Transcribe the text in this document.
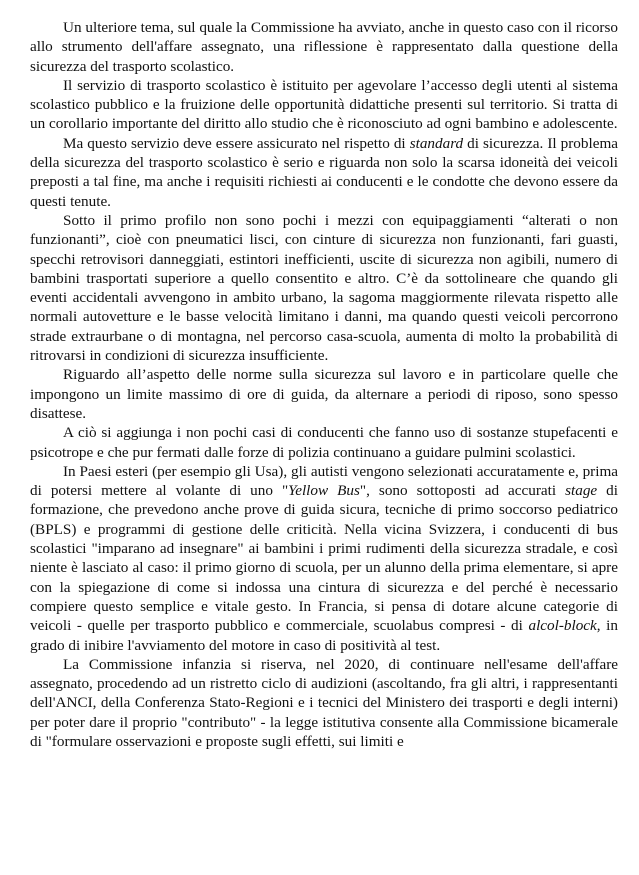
Un ulteriore tema, sul quale la Commissione ha avviato, anche in questo caso con il ricorso allo strumento dell'affare assegnato, una riflessione è rappresentato dalla questione della sicurezza del trasporto scolastico.

Il servizio di trasporto scolastico è istituito per agevolare l’accesso degli utenti al sistema scolastico pubblico e la fruizione delle opportunità didattiche presenti sul territorio. Si tratta di un corollario importante del diritto allo studio che è riconosciuto ad ogni bambino e adolescente.

Ma questo servizio deve essere assicurato nel rispetto di standard di sicurezza. Il problema della sicurezza del trasporto scolastico è serio e riguarda non solo la scarsa idoneità dei veicoli preposti a tal fine, ma anche i requisiti richiesti ai conducenti e le condotte che devono essere da questi tenute.

Sotto il primo profilo non sono pochi i mezzi con equipaggiamenti “alterati o non funzionanti”, cioè con pneumatici lisci, con cinture di sicurezza non funzionanti, fari guasti, specchi retrovisori danneggiati, estintori inefficienti, uscite di sicurezza non agibili, numero di bambini trasportati superiore a quello consentito e altro. C’è da sottolineare che quando gli eventi accidentali avvengono in ambito urbano, la sagoma maggiormente rilevata rispetto alle normali autovetture e le basse velocità limitano i danni, ma quando questi veicoli percorrono strade extraurbane o di montagna, nel percorso casa-scuola, aumenta di molto la probabilità di ritrovarsi in condizioni di sicurezza insufficiente.

Riguardo all’aspetto delle norme sulla sicurezza sul lavoro e in particolare quelle che impongono un limite massimo di ore di guida, da alternare a periodi di riposo, sono spesso disattese.

A ciò si aggiunga i non pochi casi di conducenti che fanno uso di sostanze stupefacenti e psicotrope e che pur fermati dalle forze di polizia continuano a guidare pulmini scolastici.

In Paesi esteri (per esempio gli Usa), gli autisti vengono selezionati accuratamente e, prima di potersi mettere al volante di uno "Yellow Bus", sono sottoposti ad accurati stage di formazione, che prevedono anche prove di guida sicura, tecniche di primo soccorso pediatrico (BPLS) e programmi di gestione delle criticità. Nella vicina Svizzera, i conducenti di bus scolastici "imparano ad insegnare" ai bambini i primi rudimenti della sicurezza stradale, e così niente è lasciato al caso: il primo giorno di scuola, per un alunno della prima elementare, si apre con la spiegazione di come si indossa una cintura di sicurezza e del perché è necessario compiere questo semplice e vitale gesto. In Francia, si pensa di dotare alcune categorie di veicoli - quelle per trasporto pubblico e commerciale, scuolabus compresi - di alcol-block, in grado di inibire l'avviamento del motore in caso di positività al test.

La Commissione infanzia si riserva, nel 2020, di continuare nell'esame dell'affare assegnato, procedendo ad un ristretto ciclo di audizioni (ascoltando, fra gli altri, i rappresentanti dell'ANCI, della Conferenza Stato-Regioni e i tecnici del Ministero dei trasporti e degli interni) per poter dare il proprio "contributo" - la legge istitutiva consente alla Commissione bicamerale di "formulare osservazioni e proposte sugli effetti, sui limiti e
